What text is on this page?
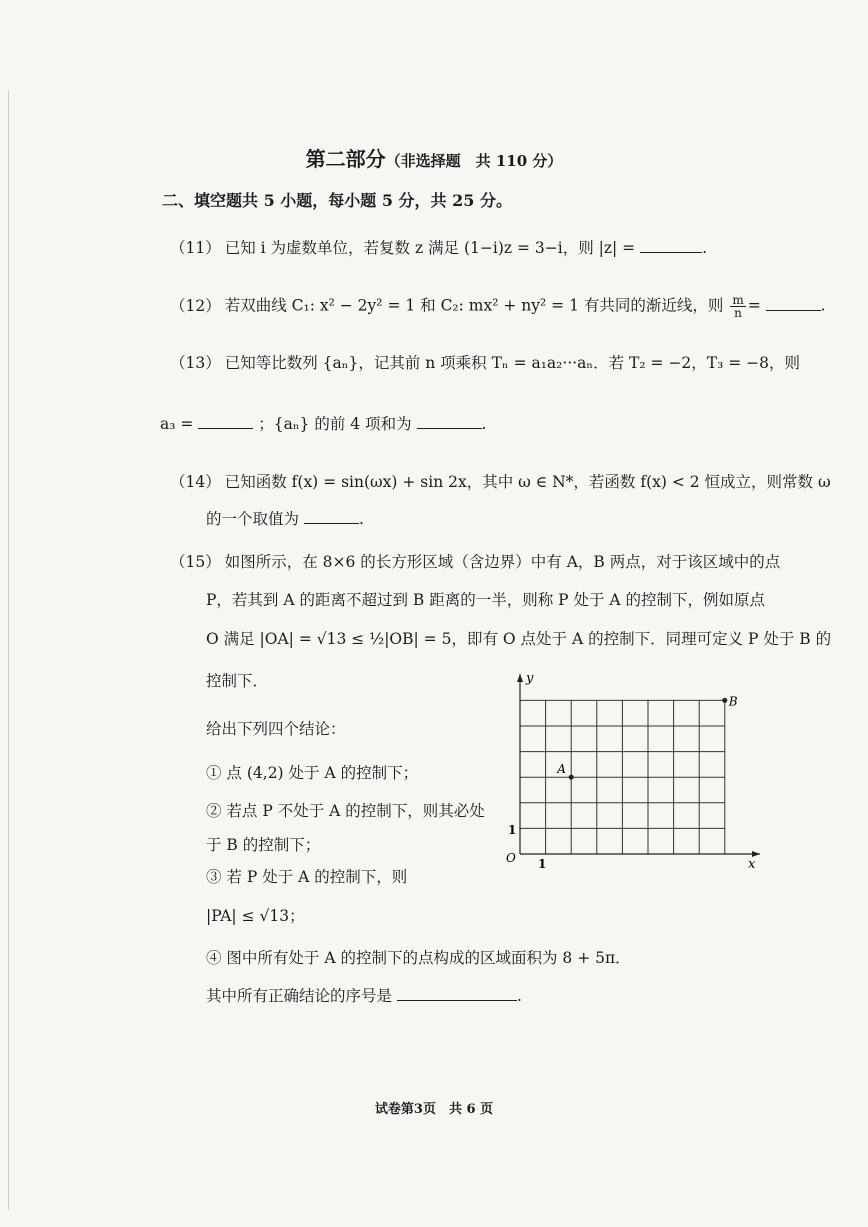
第二部分（非选择题　共 110 分）
二、填空题共 5 小题，每小题 5 分，共 25 分。
（11） 已知 i 为虚数单位，若复数 z 满足 (1−i)z = 3−i，则 |z| =	.
（12） 若双曲线 C₁: x² − 2y² = 1 和 C₂: mx² + ny² = 1 有共同的渐近线，则 $\frac{m}{n}$ =	.
（13） 已知等比数列 {aₙ}，记其前 n 项乘积 Tₙ = a₁a₂···aₙ．若 T₂ = −2，T₃ = −8，则
a₃ =	；{aₙ} 的前 4 项和为	.
（14） 已知函数 f(x) = sin(ωx) + sin 2x，其中 ω ∈ N*，若函数 f(x) < 2 恒成立，则常数 ω
的一个取值为	.
（15） 如图所示，在 8×6 的长方形区域（含边界）中有 A，B 两点，对于该区域中的点
P，若其到 A 的距离不超过到 B 距离的一半，则称 P 处于 A 的控制下，例如原点
O 满足 |OA| = √13 ≤ ½|OB| = 5，即有 O 点处于 A 的控制下．同理可定义 P 处于 B 的
控制下．
给出下列四个结论：
① 点 (4,2) 处于 A 的控制下；
② 若点 P 不处于 A 的控制下，则其必处
于 B 的控制下；
③ 若 P 处于 A 的控制下，则
|PA| ≤ √13；
④ 图中所有处于 A 的控制下的点构成的区域面积为 8 + 5π．
其中所有正确结论的序号是	.
y
x
O 1
1
A
B
试卷第3页　共 6 页
